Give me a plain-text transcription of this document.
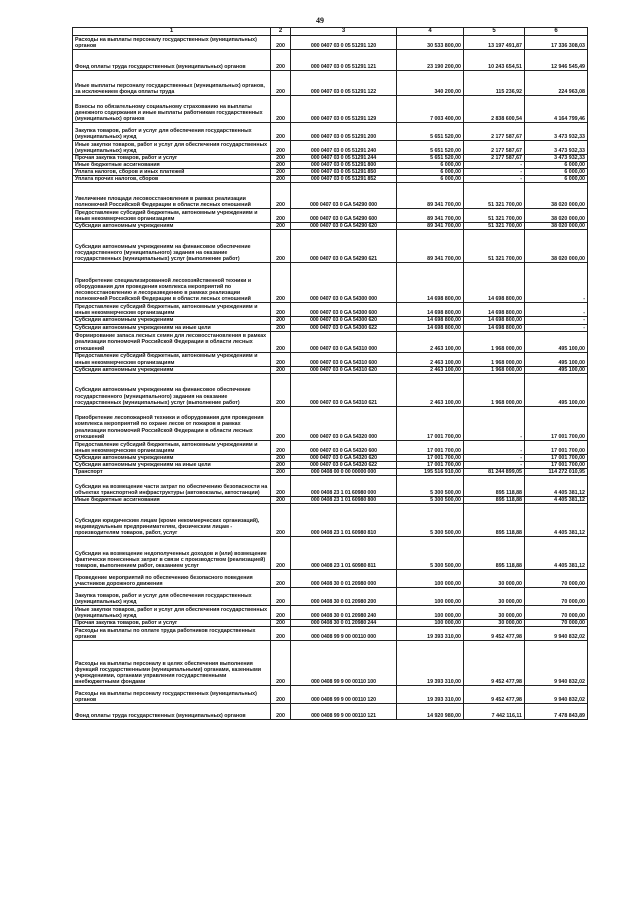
49
1	2	3	4	5	6
Расходы на выплаты персоналу государственных (муниципальных) органов	200	000 0407 03 0 05 51291 120	30 533 800,00	13 197 491,87	17 336 308,03
Фонд оплаты труда государственных (муниципальных) органов	200	000 0407 03 0 05 51291 121	23 190 200,00	10 243 654,51	12 946 545,49
Иные выплаты персоналу государственных (муниципальных) органов, за исключением фонда оплаты труда	200	000 0407 03 0 05 51291 122	340 200,00	115 236,92	224 963,08
Взносы по обязательному социальному страхованию на выплаты денежного содержания и иные выплаты работникам государственных (муниципальных) органов	200	000 0407 03 0 05 51291 129	7 003 400,00	2 838 600,54	4 164 799,46
Закупка товаров, работ и услуг для обеспечения государственных (муниципальных) нужд	200	000 0407 03 0 05 51291 200	5 651 520,00	2 177 587,67	3 473 932,33
Иные закупки товаров, работ и услуг для обеспечения государственных (муниципальных) нужд	200	000 0407 03 0 05 51291 240	5 651 520,00	2 177 587,67	3 473 932,33
Прочая закупка товаров, работ и услуг	200	000 0407 03 0 05 51291 244	5 651 520,00	2 177 587,67	3 473 932,33
Иные бюджетные ассигнования	200	000 0407 03 0 05 51291 800	6 000,00	-	6 000,00
Уплата налогов, сборов и иных платежей	200	000 0407 03 0 05 51291 850	6 000,00	-	6 000,00
Уплата прочих налогов, сборов	200	000 0407 03 0 05 51291 852	6 000,00	-	6 000,00
Увеличение площади лесовосстановления в рамках реализации полномочий Российской Федерации в области лесных отношений	200	000 0407 03 0 GA 54290 000	89 341 700,00	51 321 700,00	38 020 000,00
Предоставление субсидий бюджетным, автономным учреждениям и иным некоммерческим организациям	200	000 0407 03 0 GA 54290 600	89 341 700,00	51 321 700,00	38 020 000,00
Субсидии автономным учреждениям	200	000 0407 03 0 GA 54290 620	89 341 700,00	51 321 700,00	38 020 000,00
Субсидии автономным учреждениям на финансовое обеспечение государственного (муниципального) задания на оказание государственных (муниципальных) услуг (выполнение работ)	200	000 0407 03 0 GA 54290 621	89 341 700,00	51 321 700,00	38 020 000,00
Приобретение специализированной лесохозяйственной техники и оборудования для проведения комплекса мероприятий по лесовосстановлению и лесоразведению в рамках реализации полномочий Российской Федерации в области лесных отношений	200	000 0407 03 0 GA 54300 000	14 698 800,00	14 698 800,00	-
Предоставление субсидий бюджетным, автономным учреждениям и иным некоммерческим организациям	200	000 0407 03 0 GA 54300 600	14 698 800,00	14 698 800,00	-
Субсидии автономным учреждениям	200	000 0407 03 0 GA 54300 620	14 698 800,00	14 698 800,00	-
Субсидии автономным учреждениям на иные цели	200	000 0407 03 0 GA 54300 622	14 698 800,00	14 698 800,00	-
Формирование запаса лесных семян для лесовосстановления в рамках реализации полномочий Российской Федерации в области лесных отношений	200	000 0407 03 0 GA 54310 000	2 463 100,00	1 968 000,00	495 100,00
Предоставление субсидий бюджетным, автономным учреждениям и иным некоммерческим организациям	200	000 0407 03 0 GA 54310 600	2 463 100,00	1 968 000,00	495 100,00
Субсидии автономным учреждениям	200	000 0407 03 0 GA 54310 620	2 463 100,00	1 968 000,00	495 100,00
Субсидии автономным учреждениям на финансовое обеспечение государственного (муниципального) задания на оказание государственных (муниципальных) услуг (выполнение работ)	200	000 0407 03 0 GA 54310 621	2 463 100,00	1 968 000,00	495 100,00
Приобретение лесопожарной техники и оборудования для проведения комплекса мероприятий по охране лесов от пожаров в рамках реализации полномочий Российской Федерации в области лесных отношений	200	000 0407 03 0 GA 54320 000	17 001 700,00	-	17 001 700,00
Предоставление субсидий бюджетным, автономным учреждениям и иным некоммерческим организациям	200	000 0407 03 0 GA 54320 600	17 001 700,00	-	17 001 700,00
Субсидии автономным учреждениям	200	000 0407 03 0 GA 54320 620	17 001 700,00	-	17 001 700,00
Субсидии автономным учреждениям на иные цели	200	000 0407 03 0 GA 54320 622	17 001 700,00	-	17 001 700,00
Транспорт	200	000 0408 00 0 00 00000 000	195 516 910,00	81 244 899,05	114 272 010,95
Субсидии на возмещение части затрат по обеспечению безопасности на объектах транспортной инфраструктуры (автовокзалы, автостанции)	200	000 0408 23 1 01 60980 000	5 300 500,00	895 118,88	4 405 381,12
Иные бюджетные ассигнования	200	000 0408 23 1 01 60980 800	5 300 500,00	895 118,88	4 405 381,12
Субсидии юридическим лицам (кроме некоммерческих организаций), индивидуальным предпринимателям, физическим лицам - производителям товаров, работ, услуг	200	000 0408 23 1 01 60980 810	5 300 500,00	895 118,88	4 405 381,12
Субсидии на возмещение недополученных доходов и (или) возмещение фактически понесенных затрат в связи с производством (реализацией) товаров, выполнением работ, оказанием услуг	200	000 0408 23 1 01 60980 811	5 300 500,00	895 118,88	4 405 381,12
Проведение мероприятий по обеспечению безопасного поведения участников дорожного движения	200	000 0408 30 0 01 20980 000	100 000,00	30 000,00	70 000,00
Закупка товаров, работ и услуг для обеспечения государственных (муниципальных) нужд	200	000 0408 30 0 01 20980 200	100 000,00	30 000,00	70 000,00
Иные закупки товаров, работ и услуг для обеспечения государственных (муниципальных) нужд	200	000 0408 30 0 01 20980 240	100 000,00	30 000,00	70 000,00
Прочая закупка товаров, работ и услуг	200	000 0408 30 0 01 20980 244	100 000,00	30 000,00	70 000,00
Расходы на выплаты по оплате труда работников государственных органов	200	000 0408 99 9 00 00110 000	19 393 310,00	9 452 477,98	9 940 832,02
Расходы на выплаты персоналу в целях обеспечения выполнения функций государственными (муниципальными) органами, казенными учреждениями, органами управления государственными внебюджетными фондами	200	000 0408 99 9 00 00110 100	19 393 310,00	9 452 477,98	9 940 832,02
Расходы на выплаты персоналу государственных (муниципальных) органов	200	000 0408 99 9 00 00110 120	19 393 310,00	9 452 477,98	9 940 832,02
Фонд оплаты труда государственных (муниципальных) органов	200	000 0408 99 9 00 00110 121	14 920 980,00	7 442 116,11	7 478 843,89
